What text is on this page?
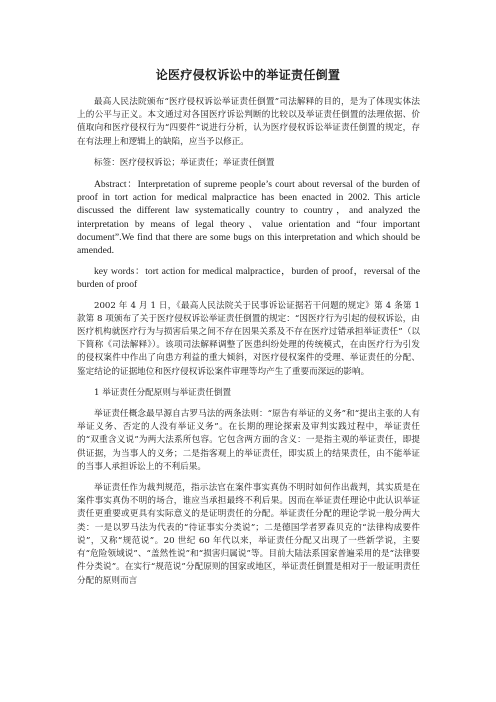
论医疗侵权诉讼中的举证责任倒置

最高人民法院颁布“医疗侵权诉讼举证责任倒置”司法解释的目的，是为了体现实体法上的公平与正义。本文通过对各国医疗诉讼判断的比较以及举证责任倒置的法理依据、价值取向和医疗侵权行为“四要件”说进行分析，认为医疗侵权诉讼举证责任倒置的规定，存在有法理上和逻辑上的缺陷，应当予以修正。

标签：医疗侵权诉讼；举证责任；举证责任倒置

Abstract：Interpretation of supreme people’s court about reversal of the burden of proof in tort action for medical malpractice has been enacted in 2002. This article discussed the different law systematically country to country，and analyzed the interpretation by means of legal theory、value orientation and “four important document”.We find that there are some bugs on this interpretation and which should be amended.

key words：tort action for medical malpractice，burden of proof，reversal of the burden of proof

2002 年 4 月 1 日，《最高人民法院关于民事诉讼证据若干问题的规定》第 4 条第 1 款第 8 项颁布了关于医疗侵权诉讼举证责任倒置的规定：“因医疗行为引起的侵权诉讼，由医疗机构就医疗行为与损害后果之间不存在因果关系及不存在医疗过错承担举证责任”（以下简称《司法解释》）。该项司法解释调整了医患纠纷处理的传统模式，在由医疗行为引发的侵权案件中作出了向患方利益的重大倾斜，对医疗侵权案件的受理、举证责任的分配、鉴定结论的证据地位和医疗侵权诉讼案件审理等均产生了重要而深远的影响。

1 举证责任分配原则与举证责任倒置

举证责任概念最早源自古罗马法的两条法则：“原告有举证的义务”和“提出主张的人有举证义务、否定的人没有举证义务”。在长期的理论探索及审判实践过程中，举证责任的“双重含义说”为两大法系所包容。它包含两方面的含义：一是指主观的举证责任，即提供证据，为当事人的义务；二是指客观上的举证责任，即实质上的结果责任，由不能举证的当事人承担诉讼上的不利后果。

举证责任作为裁判规范，指示法官在案件事实真伪不明时如何作出裁判，其实质是在案件事实真伪不明的场合，谁应当承担最终不利后果。因而在举证责任理论中此认识举证责任更重要或更具有实际意义的是证明责任的分配。举证责任分配的理论学说一般分两大类：一是以罗马法为代表的“待证事实分类说”；二是德国学者罗森贝克的“法律构成要件说”，又称“规范说”。20 世纪 60 年代以来，举证责任分配又出现了一些新学说，主要有“危险领域说”、“盖然性说”和“损害归属说”等。目前大陆法系国家普遍采用的是“法律要件分类说”。在实行“规范说”分配原则的国家或地区，举证责任倒置是相对于一般证明责任分配的原则而言
